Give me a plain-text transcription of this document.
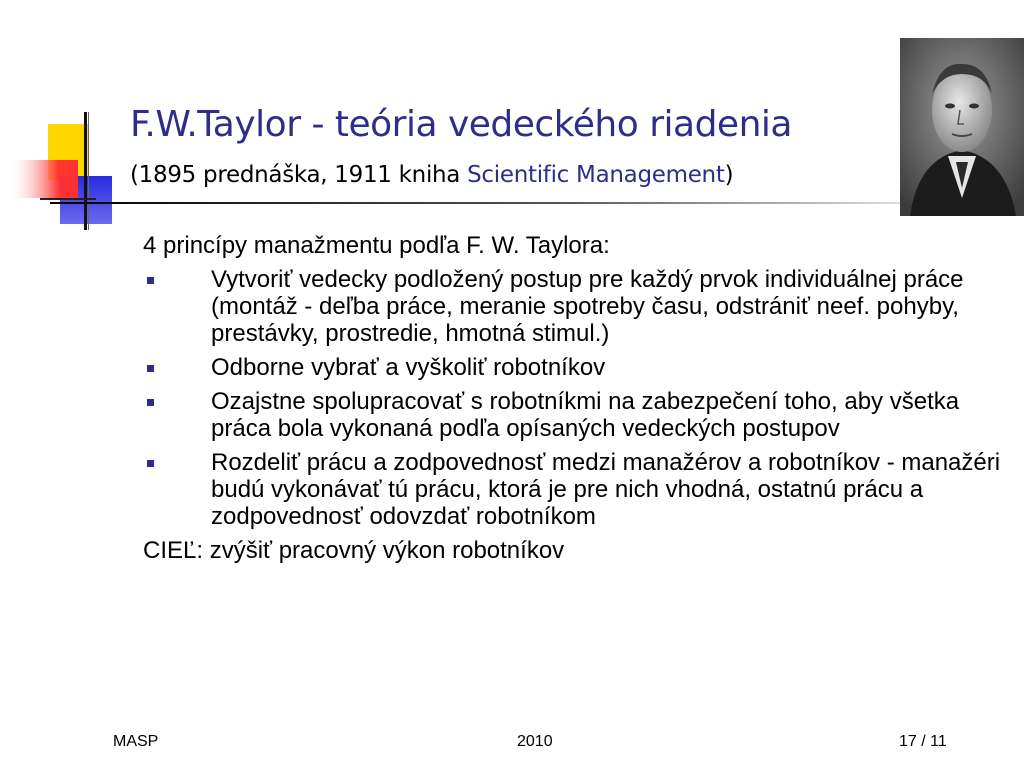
F.W.Taylor - teória vedeckého riadenia
(1895 prednáška, 1911 kniha Scientific Management)

4 princípy manažmentu podľa F. W. Taylora:

Vytvoriť vedecky podložený postup pre každý prvok individuálnej práce (montáž - deľba práce, meranie spotreby času, odstrániť neef. pohyby, prestávky, prostredie, hmotná stimul.)
Odborne vybrať a vyškoliť robotníkov
Ozajstne spolupracovať s robotníkmi na zabezpečení toho, aby všetka práca bola vykonaná podľa opísaných vedeckých postupov
Rozdeliť prácu a zodpovednosť medzi manažérov a robotníkov - manažéri budú vykonávať tú prácu, ktorá je pre nich vhodná, ostatnú prácu a zodpovednosť odovzdať robotníkom

CIEĽ: zvýšiť pracovný výkon robotníkov

MASP	2010	17 / 11
